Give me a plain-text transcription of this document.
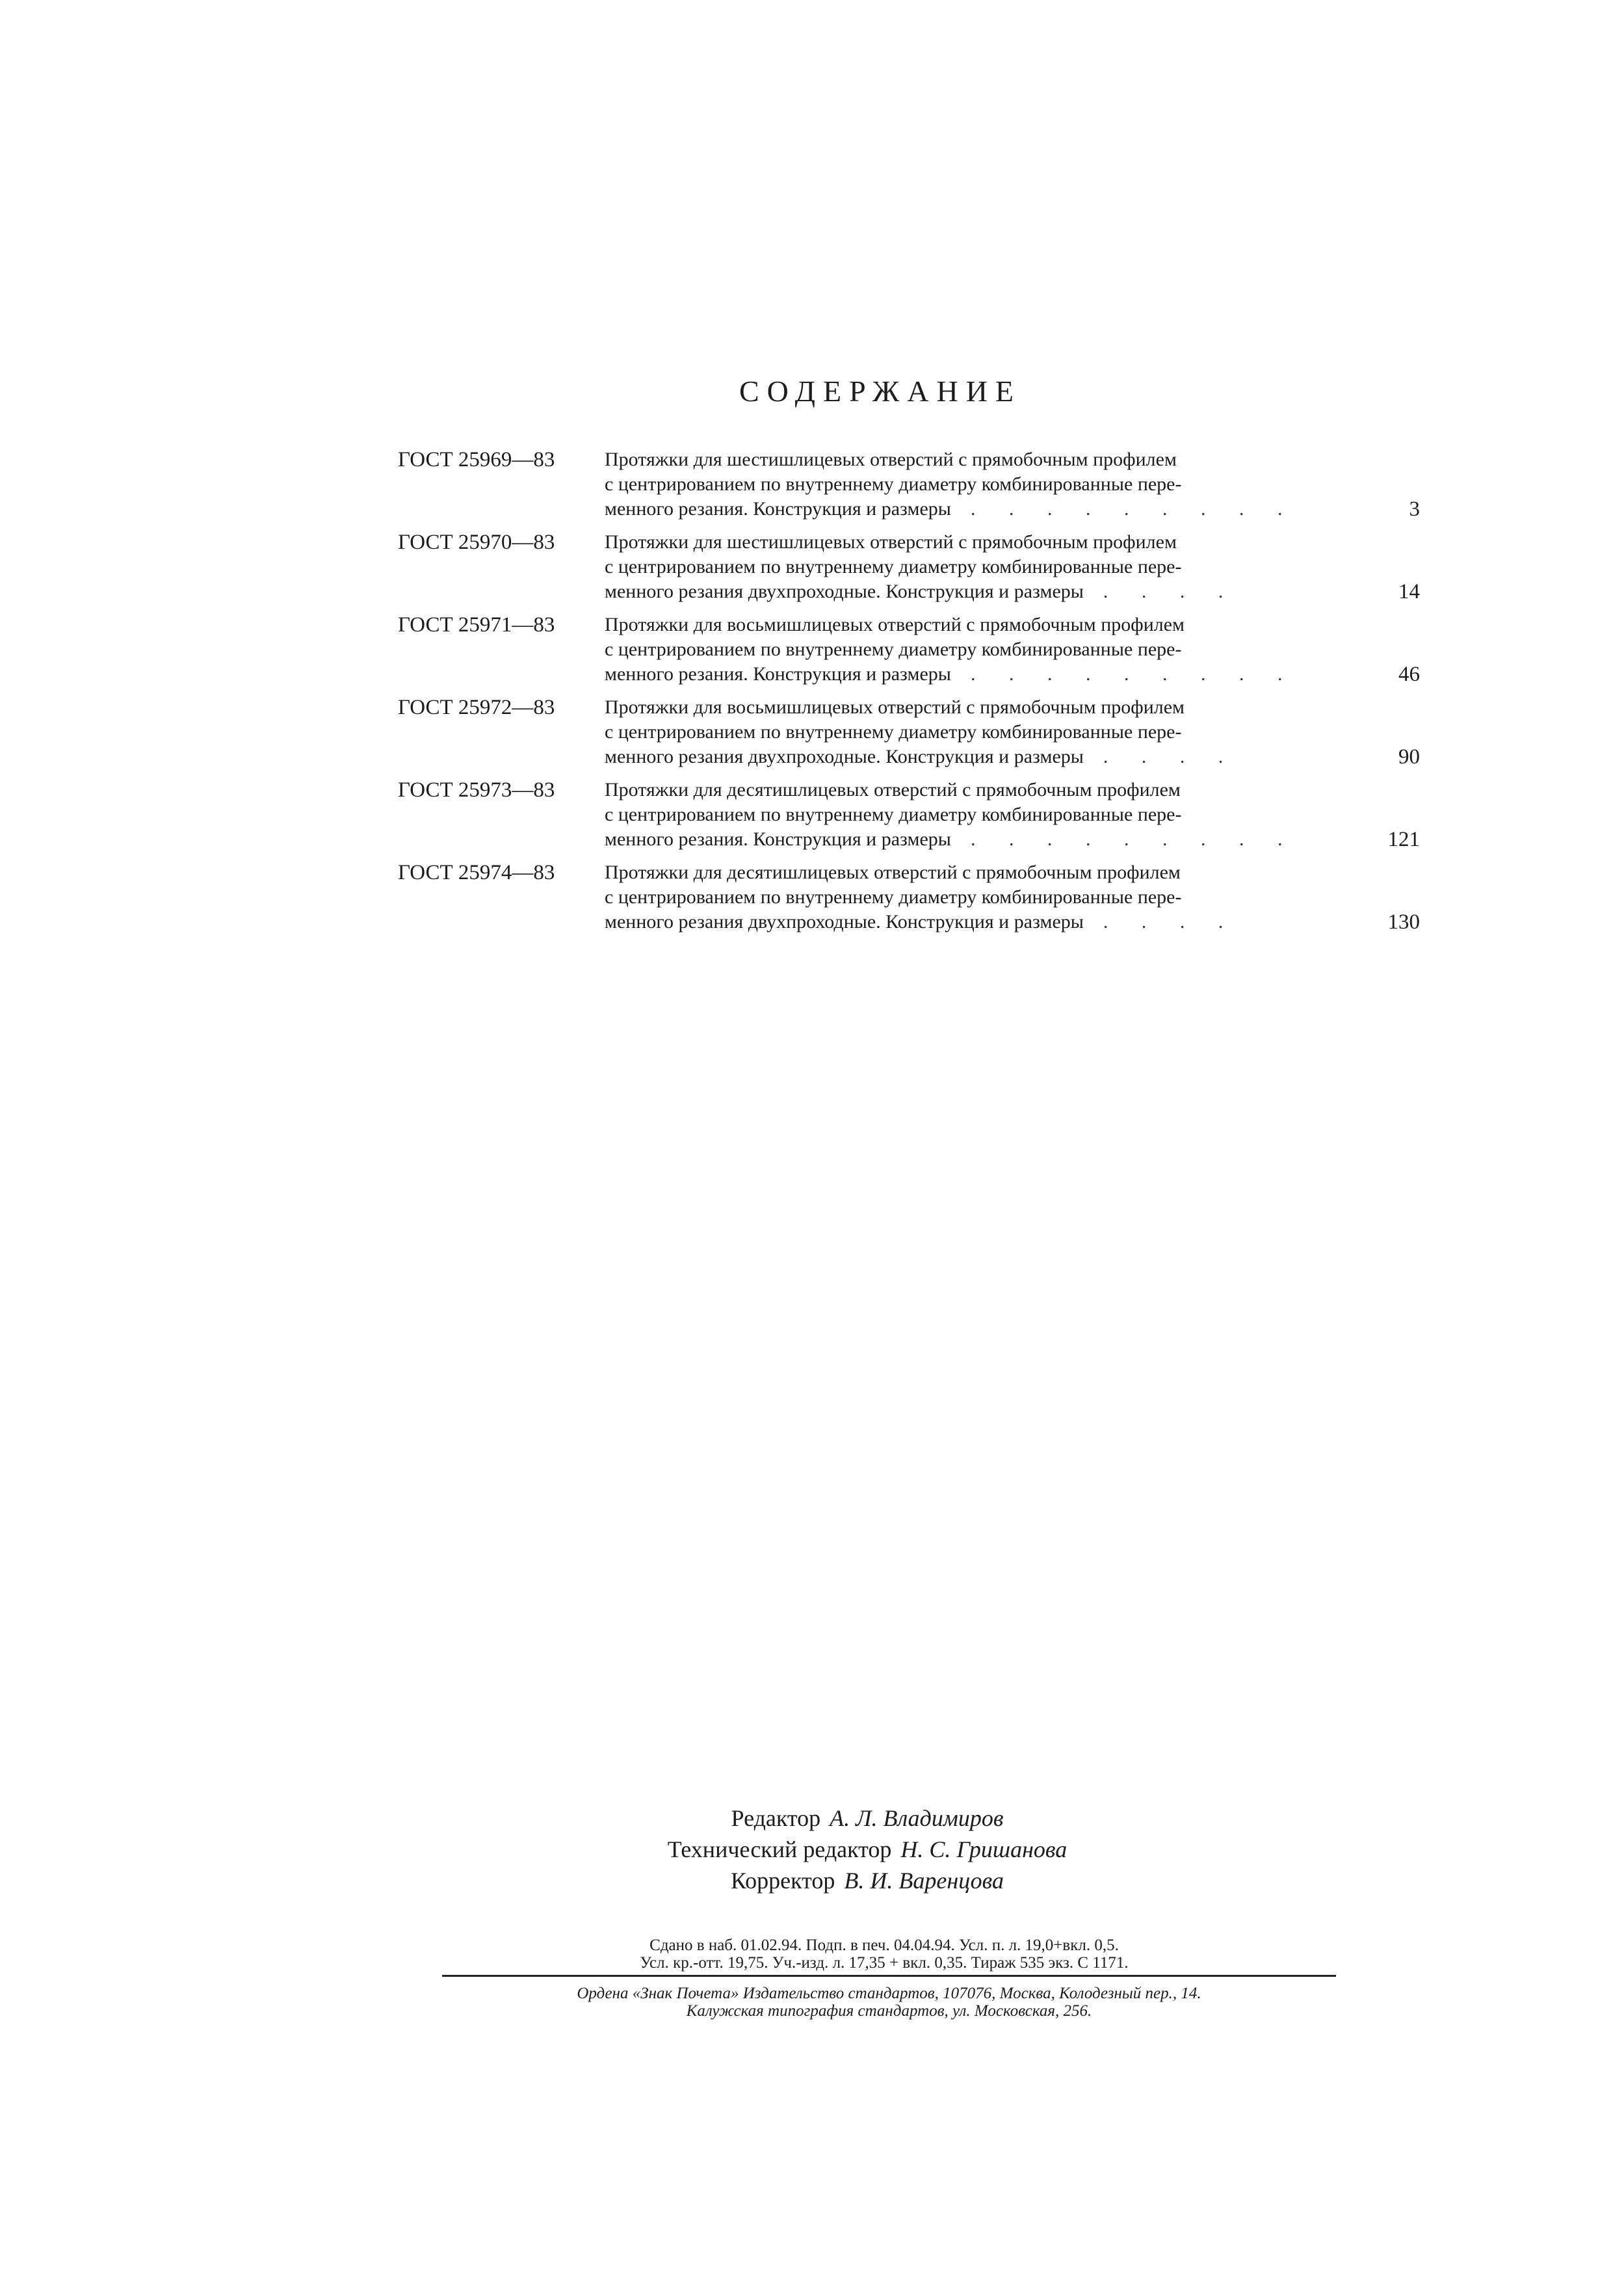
СОДЕРЖАНИЕ
ГОСТ 25969—83	Протяжки для шестишлицевых отверстий с прямобочным профилем
с центрированием по внутреннему диаметру комбинированные пере-
менного резания. Конструкция и размеры . . . . . . . . .	3
ГОСТ 25970—83	Протяжки для шестишлицевых отверстий с прямобочным профилем
с центрированием по внутреннему диаметру комбинированные пере-
менного резания двухпроходные. Конструкция и размеры . . . .	14
ГОСТ 25971—83	Протяжки для восьмишлицевых отверстий с прямобочным профилем
с центрированием по внутреннему диаметру комбинированные пере-
менного резания. Конструкция и размеры . . . . . . . . .	46
ГОСТ 25972—83	Протяжки для восьмишлицевых отверстий с прямобочным профилем
с центрированием по внутреннему диаметру комбинированные пере-
менного резания двухпроходные. Конструкция и размеры . . . .	90
ГОСТ 25973—83	Протяжки для десятишлицевых отверстий с прямобочным профилем
с центрированием по внутреннему диаметру комбинированные пере-
менного резания. Конструкция и размеры . . . . . . . . .	121
ГОСТ 25974—83	Протяжки для десятишлицевых отверстий с прямобочным профилем
с центрированием по внутреннему диаметру комбинированные пере-
менного резания двухпроходные. Конструкция и размеры . . . .	130
Редактор А. Л. Владимиров
Технический редактор Н. С. Гришанова
Корректор В. И. Варенцова
Сдано в наб. 01.02.94. Подп. в печ. 04.04.94. Усл. п. л. 19,0+вкл. 0,5.
Усл. кр.-отт. 19,75. Уч.-изд. л. 17,35 + вкл. 0,35. Тираж 535 экз. С 1171.
Ордена «Знак Почета» Издательство стандартов, 107076, Москва, Колодезный пер., 14.
Калужская типография стандартов, ул. Московская, 256.
